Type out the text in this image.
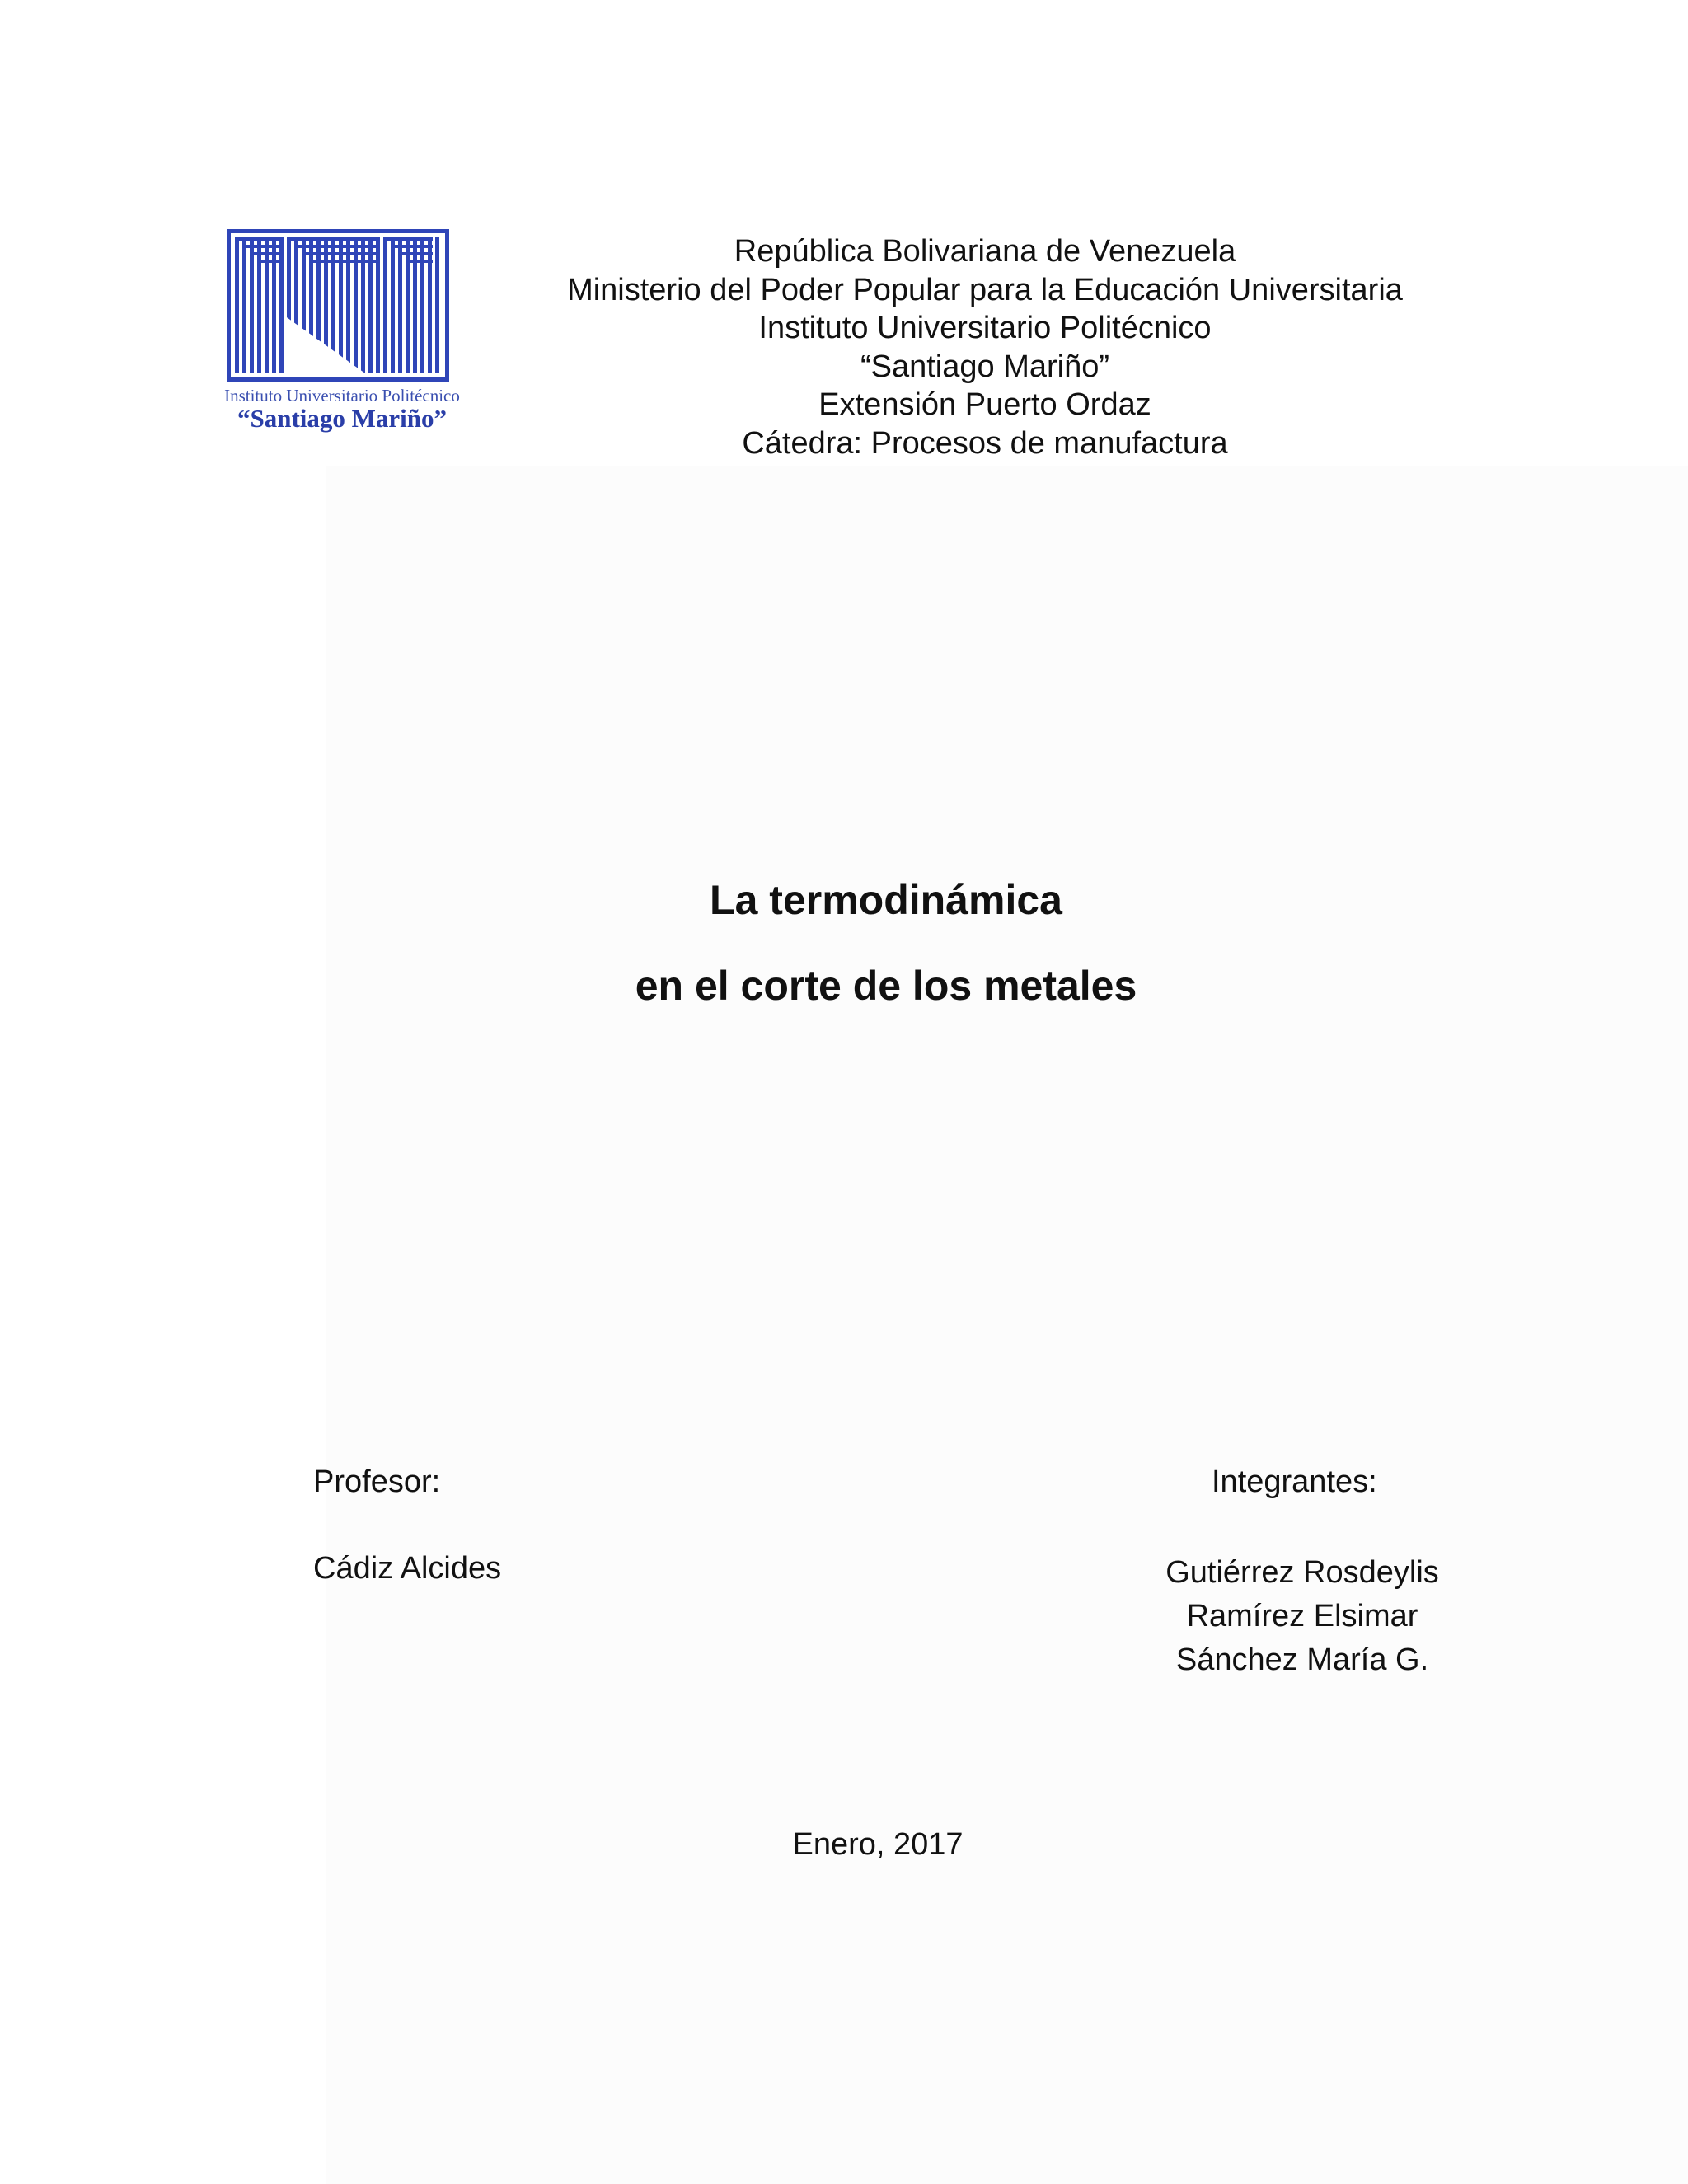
Instituto Universitario Politécnico
“Santiago Mariño”
República Bolivariana de Venezuela
Ministerio del Poder Popular para la Educación Universitaria
Instituto Universitario Politécnico
“Santiago Mariño”
Extensión Puerto Ordaz
Cátedra: Procesos de manufactura
La termodinámica
en el corte de los metales
Profesor:
Cádiz Alcides
Integrantes:
Gutiérrez Rosdeylis
Ramírez Elsimar
Sánchez María G.
Enero, 2017
